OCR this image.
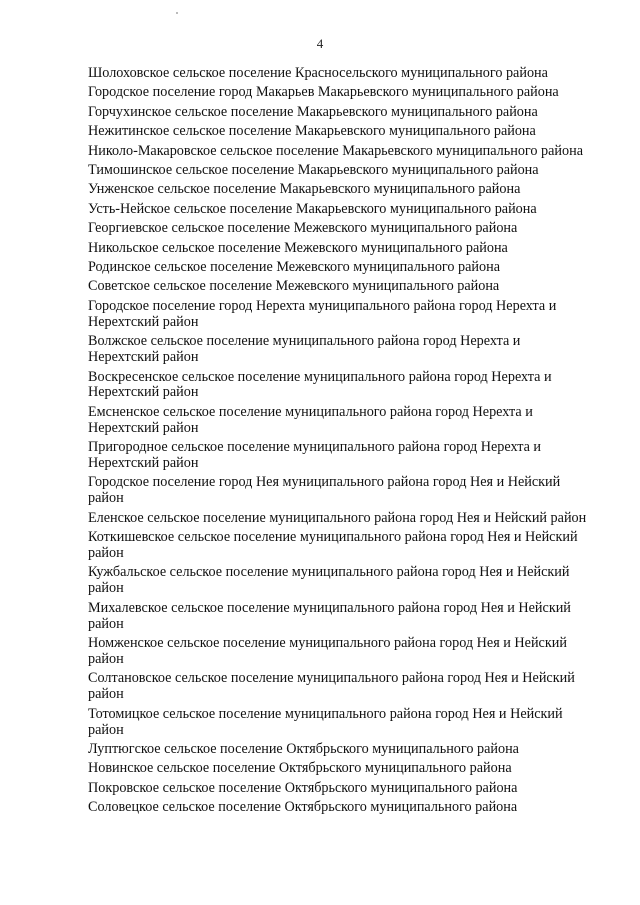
4
Шолоховское сельское поселение Красносельского муниципального района
Городское поселение город Макарьев Макарьевского муниципального района
Горчухинское сельское поселение Макарьевского муниципального района
Нежитинское сельское поселение Макарьевского муниципального района
Николо-Макаровское сельское поселение Макарьевского муниципального района
Тимошинское сельское поселение Макарьевского муниципального района
Унженское сельское поселение Макарьевского муниципального района
Усть-Нейское сельское поселение Макарьевского муниципального района
Георгиевское сельское поселение Межевского муниципального района
Никольское сельское поселение Межевского муниципального района
Родинское сельское поселение Межевского муниципального района
Советское сельское поселение Межевского муниципального района
Городское поселение город Нерехта муниципального района город Нерехта и Нерехтский район
Волжское сельское поселение муниципального района город Нерехта и Нерехтский район
Воскресенское сельское поселение муниципального района город Нерехта и Нерехтский район
Емсненское сельское поселение муниципального района город Нерехта и Нерехтский район
Пригородное сельское поселение муниципального района город Нерехта и Нерехтский район
Городское поселение город Нея муниципального района город Нея и Нейский район
Еленское сельское поселение муниципального района город Нея и Нейский район
Коткишевское сельское поселение муниципального района город Нея и Нейский район
Кужбальское сельское поселение муниципального района город Нея и Нейский район
Михалевское сельское поселение муниципального района город Нея и Нейский район
Номженское сельское поселение муниципального района город Нея и Нейский район
Солтановское сельское поселение муниципального района город Нея и Нейский район
Тотомицкое сельское поселение муниципального района город Нея и Нейский район
Луптюгское сельское поселение Октябрьского муниципального района
Новинское сельское поселение Октябрьского муниципального района
Покровское сельское поселение Октябрьского муниципального района
Соловецкое сельское поселение Октябрьского муниципального района
